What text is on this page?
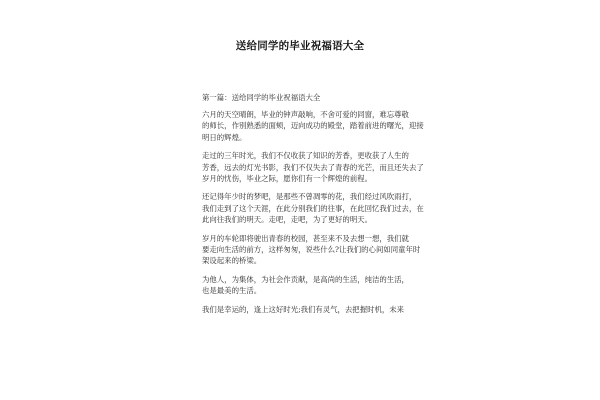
送给同学的毕业祝福语大全
第一篇：送给同学的毕业祝福语大全
六月的天空晴朗，毕业的钟声敲响，不舍可爱的同窗，难忘尊敬
的师长，作别熟悉的面颊，迈向成功的殿堂，踏着前进的曙光，迎接
明日的辉煌。
走过的三年时光，我们不仅收获了知识的芳香，更收获了人生的
芳香，远去的灯光书影，我们不仅失去了青春的光芒，而且还失去了
岁月的忧伤，毕业之际，愿你们有一个辉煌的前程。
还记得年少时的梦吧，是那些不曾凋零的花，我们经过风吹雨打，
我们走到了这个天涯，在此分别我们的往事，在此回忆我们过去，在
此向往我们的明天。走吧，走吧，为了更好的明天。
岁月的车轮即将驶出青春的校园，甚至来不及去想一想，我们就
要走向生活的前方，这样匆匆，说些什么?让我们的心间如同童年时
架设起来的桥梁。
为他人，为集体，为社会作贡献，是高尚的生活，纯洁的生活，
也是最美的生活。
我们是幸运的，逢上这好时光;我们有灵气，去把握时机，未来
